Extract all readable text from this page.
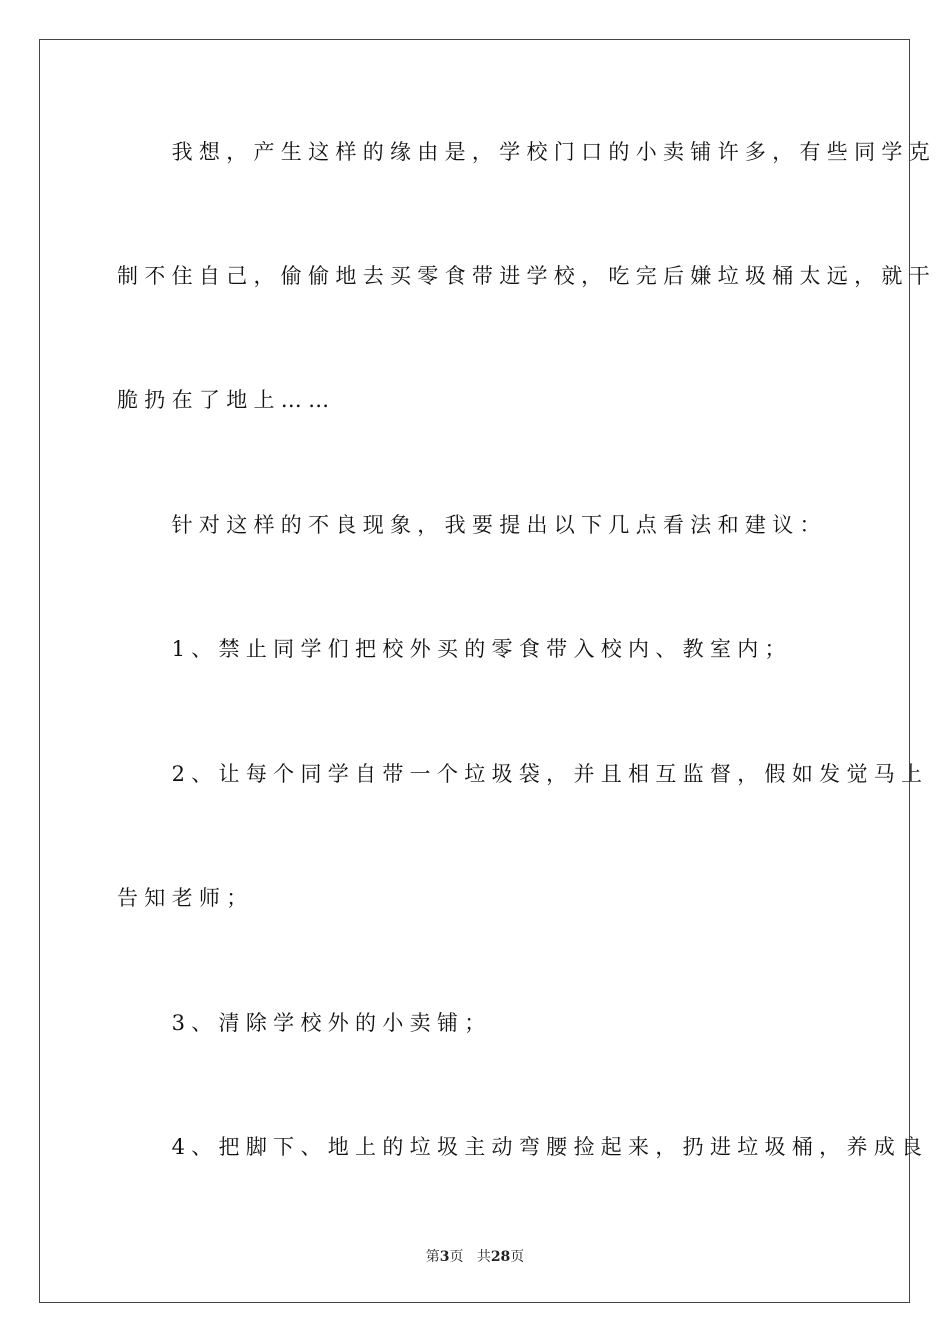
　　我想，产生这样的缘由是，学校门口的小卖铺许多，有些同学克
制不住自己，偷偷地去买零食带进学校，吃完后嫌垃圾桶太远，就干
脆扔在了地上……
　　针对这样的不良现象，我要提出以下几点看法和建议：
　　1、禁止同学们把校外买的零食带入校内、教室内；
　　2、让每个同学自带一个垃圾袋，并且相互监督，假如发觉马上
告知老师；
　　3、清除学校外的小卖铺；
　　4、把脚下、地上的垃圾主动弯腰捡起来，扔进垃圾桶，养成良
第3页 共28页
